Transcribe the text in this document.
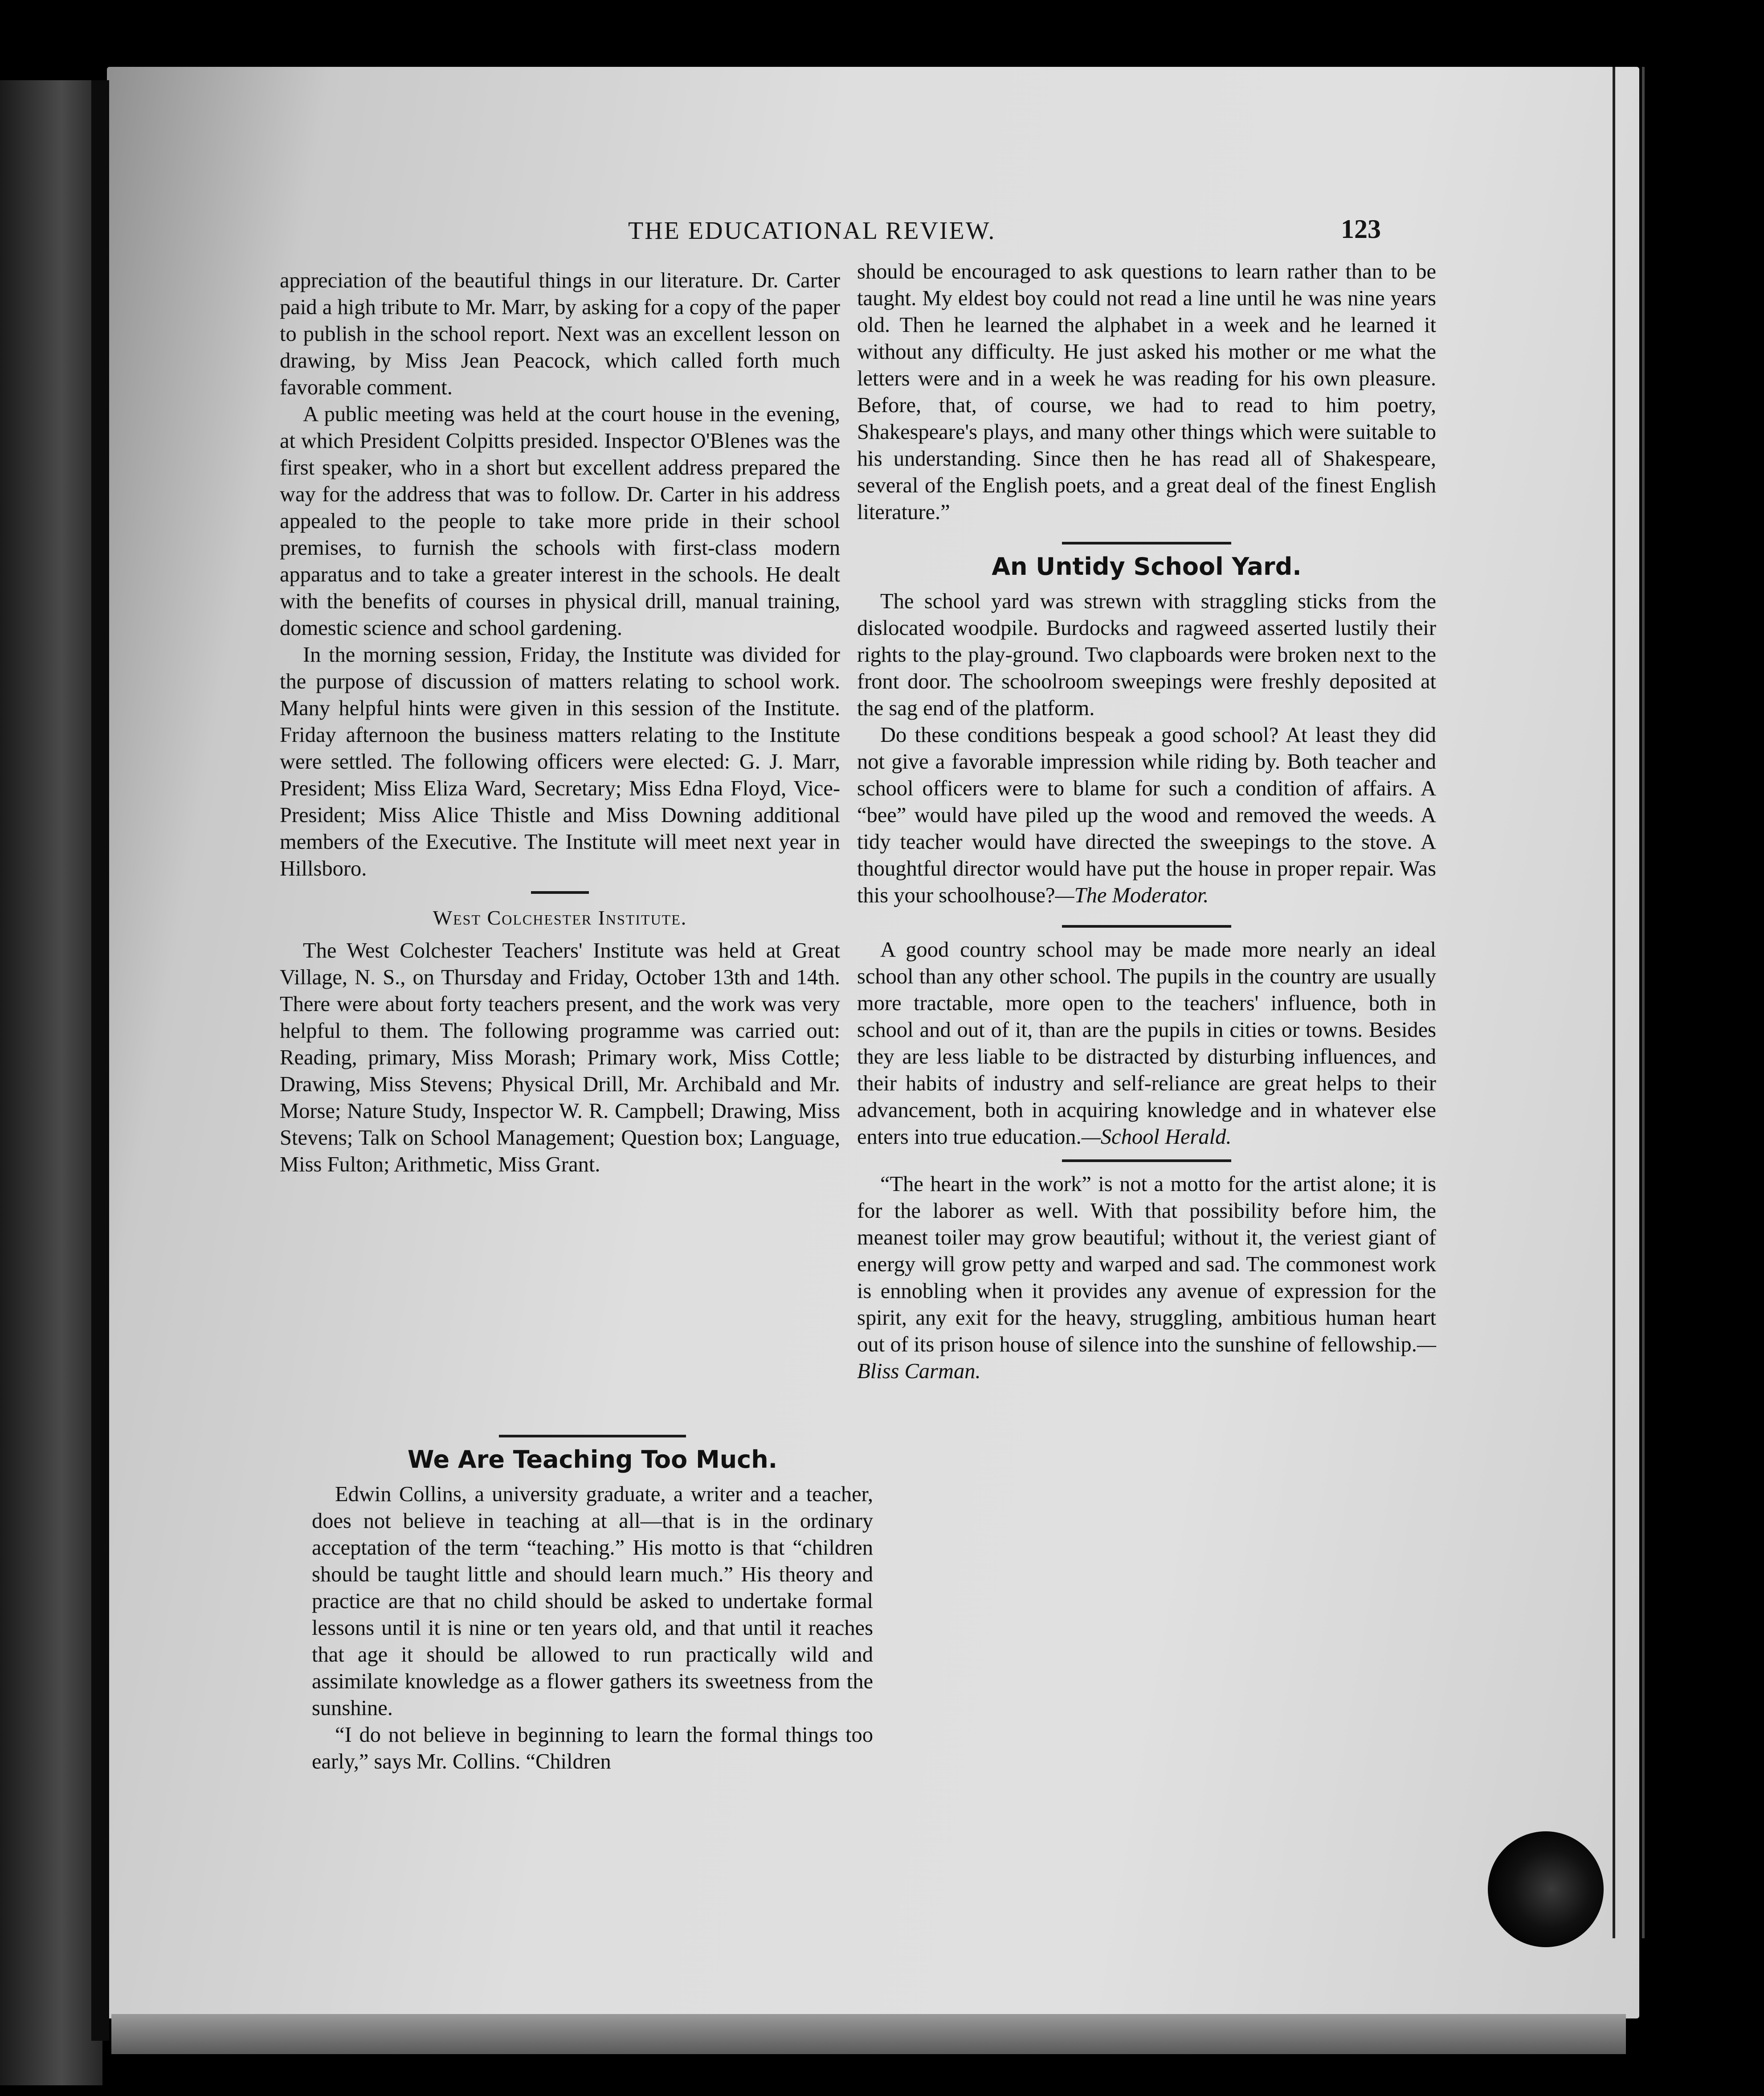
THE EDUCATIONAL REVIEW.	123

appreciation of the beautiful things in our literature. Dr. Carter paid a high tribute to Mr. Marr, by asking for a copy of the paper to publish in the school report. Next was an excellent lesson on drawing, by Miss Jean Peacock, which called forth much favorable comment.

A public meeting was held at the court house in the evening, at which President Colpitts presided. Inspector O'Blenes was the first speaker, who in a short but excellent address prepared the way for the address that was to follow. Dr. Carter in his address appealed to the people to take more pride in their school premises, to furnish the schools with first-class modern apparatus and to take a greater interest in the schools. He dealt with the benefits of courses in physical drill, manual training, domestic science and school gardening.

In the morning session, Friday, the Institute was divided for the purpose of discussion of matters relating to school work. Many helpful hints were given in this session of the Institute. Friday afternoon the business matters relating to the Institute were settled. The following officers were elected: G. J. Marr, President; Miss Eliza Ward, Secretary; Miss Edna Floyd, Vice-President; Miss Alice Thistle and Miss Downing additional members of the Executive. The Institute will meet next year in Hillsboro.

West Colchester Institute.

The West Colchester Teachers' Institute was held at Great Village, N. S., on Thursday and Friday, October 13th and 14th. There were about forty teachers present, and the work was very helpful to them. The following programme was carried out: Reading, primary, Miss Morash; Primary work, Miss Cottle; Drawing, Miss Stevens; Physical Drill, Mr. Archibald and Mr. Morse; Nature Study, Inspector W. R. Campbell; Drawing, Miss Stevens; Talk on School Management; Question box; Language, Miss Fulton; Arithmetic, Miss Grant.

We Are Teaching Too Much.

Edwin Collins, a university graduate, a writer and a teacher, does not believe in teaching at all—that is in the ordinary acceptation of the term “teaching.” His motto is that “children should be taught little and should learn much.” His theory and practice are that no child should be asked to undertake formal lessons until it is nine or ten years old, and that until it reaches that age it should be allowed to run practically wild and assimilate knowledge as a flower gathers its sweetness from the sunshine.

“I do not believe in beginning to learn the formal things too early,” says Mr. Collins. “Children

should be encouraged to ask questions to learn rather than to be taught. My eldest boy could not read a line until he was nine years old. Then he learned the alphabet in a week and he learned it without any difficulty. He just asked his mother or me what the letters were and in a week he was reading for his own pleasure. Before, that, of course, we had to read to him poetry, Shakespeare's plays, and many other things which were suitable to his understanding. Since then he has read all of Shakespeare, several of the English poets, and a great deal of the finest English literature.”

An Untidy School Yard.

The school yard was strewn with straggling sticks from the dislocated woodpile. Burdocks and ragweed asserted lustily their rights to the play-ground. Two clapboards were broken next to the front door. The schoolroom sweepings were freshly deposited at the sag end of the platform.

Do these conditions bespeak a good school? At least they did not give a favorable impression while riding by. Both teacher and school officers were to blame for such a condition of affairs. A “bee” would have piled up the wood and removed the weeds. A tidy teacher would have directed the sweepings to the stove. A thoughtful director would have put the house in proper repair. Was this your schoolhouse?—The Moderator.

A good country school may be made more nearly an ideal school than any other school. The pupils in the country are usually more tractable, more open to the teachers' influence, both in school and out of it, than are the pupils in cities or towns. Besides they are less liable to be distracted by disturbing influences, and their habits of industry and self-reliance are great helps to their advancement, both in acquiring knowledge and in whatever else enters into true education.—School Herald.

“The heart in the work” is not a motto for the artist alone; it is for the laborer as well. With that possibility before him, the meanest toiler may grow beautiful; without it, the veriest giant of energy will grow petty and warped and sad. The commonest work is ennobling when it provides any avenue of expression for the spirit, any exit for the heavy, struggling, ambitious human heart out of its prison house of silence into the sunshine of fellowship.—Bliss Carman.
